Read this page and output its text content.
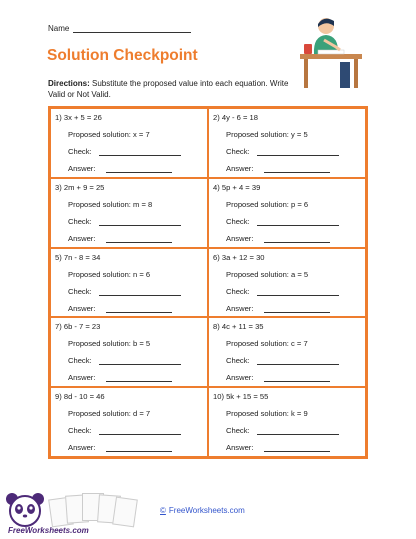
Name
Solution Checkpoint
Directions: Substitute the proposed value into each equation. Write Valid or Not Valid.
1) 3x + 5 = 26
Proposed solution: x = 7
Check:
Answer:
2) 4y - 6 = 18
Proposed solution: y = 5
Check:
Answer:
3) 2m + 9 = 25
Proposed solution: m = 8
Check:
Answer:
4) 5p + 4 = 39
Proposed solution: p = 6
Check:
Answer:
5) 7n - 8 = 34
Proposed solution: n = 6
Check:
Answer:
6) 3a + 12 = 30
Proposed solution: a = 5
Check:
Answer:
7) 6b - 7 = 23
Proposed solution: b = 5
Check:
Answer:
8) 4c + 11 = 35
Proposed solution: c = 7
Check:
Answer:
9) 8d - 10 = 46
Proposed solution: d = 7
Check:
Answer:
10) 5k + 15 = 55
Proposed solution: k = 9
Check:
Answer:
FreeWorksheets.com
© FreeWorksheets.com
